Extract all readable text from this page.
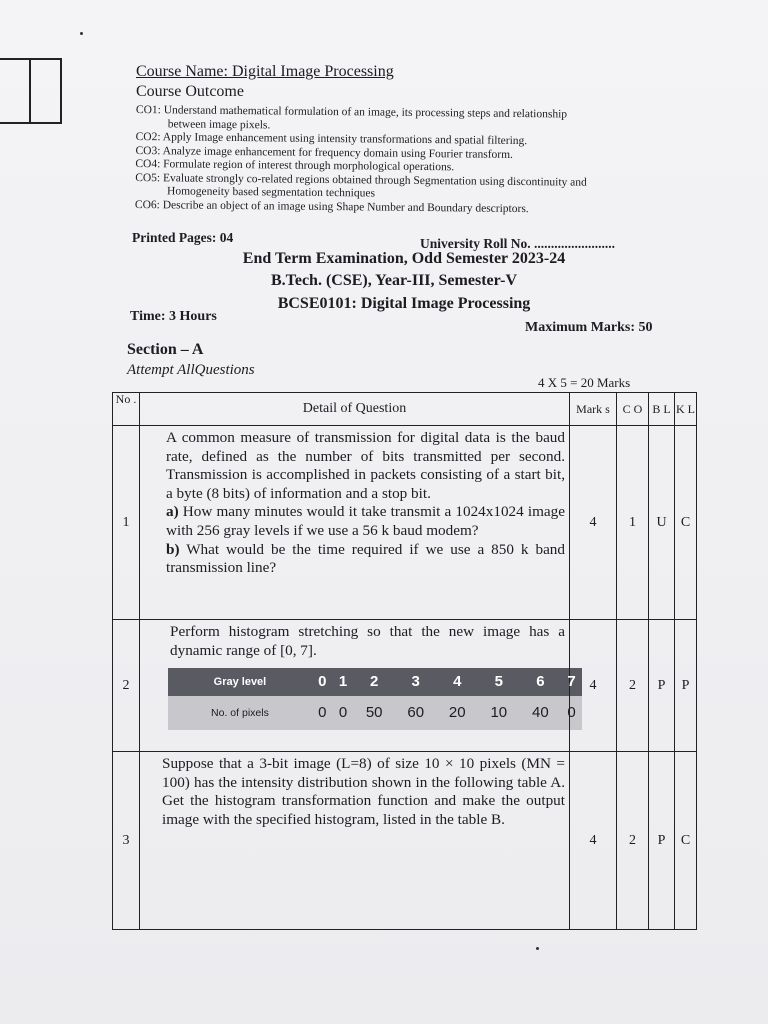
Course Name: Digital Image Processing

Course Outcome

CO1: Understand mathematical formulation of an image, its processing steps and relationship
between image pixels.

CO2: Apply Image enhancement using intensity transformations and spatial filtering.

CO3: Analyze image enhancement for frequency domain using Fourier transform.

CO4: Formulate region of interest through morphological operations.

CO5: Evaluate strongly co-related regions obtained through Segmentation using discontinuity and
Homogeneity based segmentation techniques

CO6: Describe an object of an image using Shape Number and Boundary descriptors.

Printed Pages: 04	University Roll No. ........................
End Term Examination, Odd Semester 2023-24
B.Tech. (CSE), Year-III, Semester-V
BCSE0101: Digital Image Processing
Time: 3 Hours
Maximum Marks: 50
Section – A
Attempt AllQuestions
4 X 5 = 20 Marks
No .	Detail of Question	Mark s	C O	B L	K L
1	A common measure of transmission for digital data is the baud rate, defined as the number of bits transmitted per second. Transmission is accomplished in packets consisting of a start bit, a byte (8 bits) of information and a stop bit.
a) How many minutes would it take transmit a 1024x1024 image with 256 gray levels if we use a 56 k baud modem?
b) What would be the time required if we use a 850 k band transmission line?	4	1	U	C
2	Perform histogram stretching so that the new image has a dynamic range of [0, 7].
Gray level	0	1	2	3	4	5	6	7
No. of pixels	0	0	50	60	20	10	40	0
	4	2	P	P
3	Suppose that a 3-bit image (L=8) of size 10 × 10 pixels (MN = 100) has the intensity distribution shown in the following table A. Get the histogram transformation function and make the output image with the specified histogram, listed in the table B.	4	2	P	C
